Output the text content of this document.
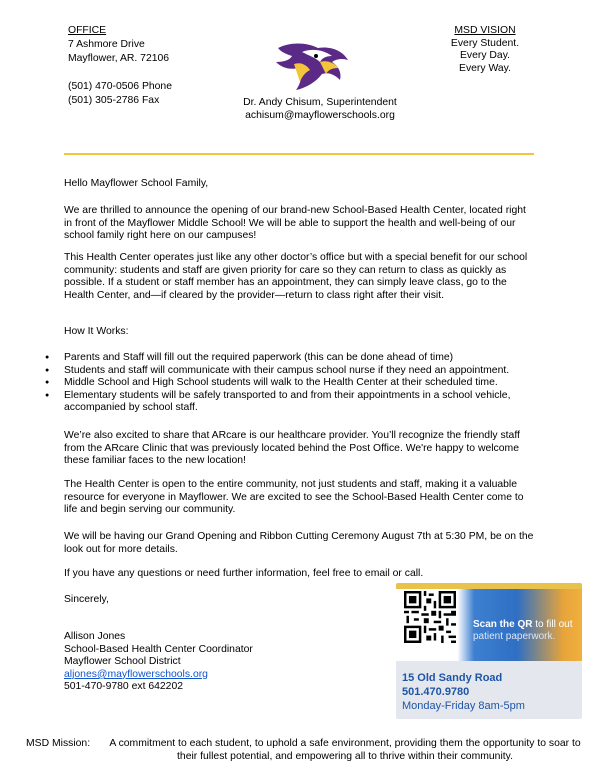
OFFICE
7 Ashmore Drive
Mayflower, AR. 72106
(501) 470-0506 Phone
(501) 305-2786 Fax
MSD VISION
Every Student.
Every Day.
Every Way.
Dr. Andy Chisum, Superintendent
achisum@mayflowerschools.org
Hello Mayflower School Family,

We are thrilled to announce the opening of our brand-new School-Based Health Center, located right in front of the Mayflower Middle School! We will be able to support the health and well-being of our school family right here on our campuses!

This Health Center operates just like any other doctor’s office but with a special benefit for our school community: students and staff are given priority for care so they can return to class as quickly as possible. If a student or staff member has an appointment, they can simply leave class, go to the Health Center, and—if cleared by the provider—return to class right after their visit.

How It Works:
● Parents and Staff will fill out the required paperwork (this can be done ahead of time)
● Students and staff will communicate with their campus school nurse if they need an appointment.
● Middle School and High School students will walk to the Health Center at their scheduled time.
● Elementary students will be safely transported to and from their appointments in a school vehicle, accompanied by school staff.

We’re also excited to share that ARcare is our healthcare provider. You’ll recognize the friendly staff from the ARcare Clinic that was previously located behind the Post Office. We're happy to welcome these familiar faces to the new location!

The Health Center is open to the entire community, not just students and staff, making it a valuable resource for everyone in Mayflower. We are excited to see the School-Based Health Center come to life and begin serving our community.

We will be having our Grand Opening and Ribbon Cutting Ceremony August 7th at 5:30 PM, be on the look out for more details.

If you have any questions or need further information, feel free to email or call.
Sincerely,
Allison Jones
School-Based Health Center Coordinator
Mayflower School District
aljones@mayflowerschools.org
501-470-9780 ext 642202
Scan the QR to fill out
patient paperwork.
15 Old Sandy Road
501.470.9780
Monday-Friday 8am-5pm
MSD Mission:	A commitment to each student, to uphold a safe environment, providing them the opportunity to soar to their fullest potential, and empowering all to thrive within their community.
